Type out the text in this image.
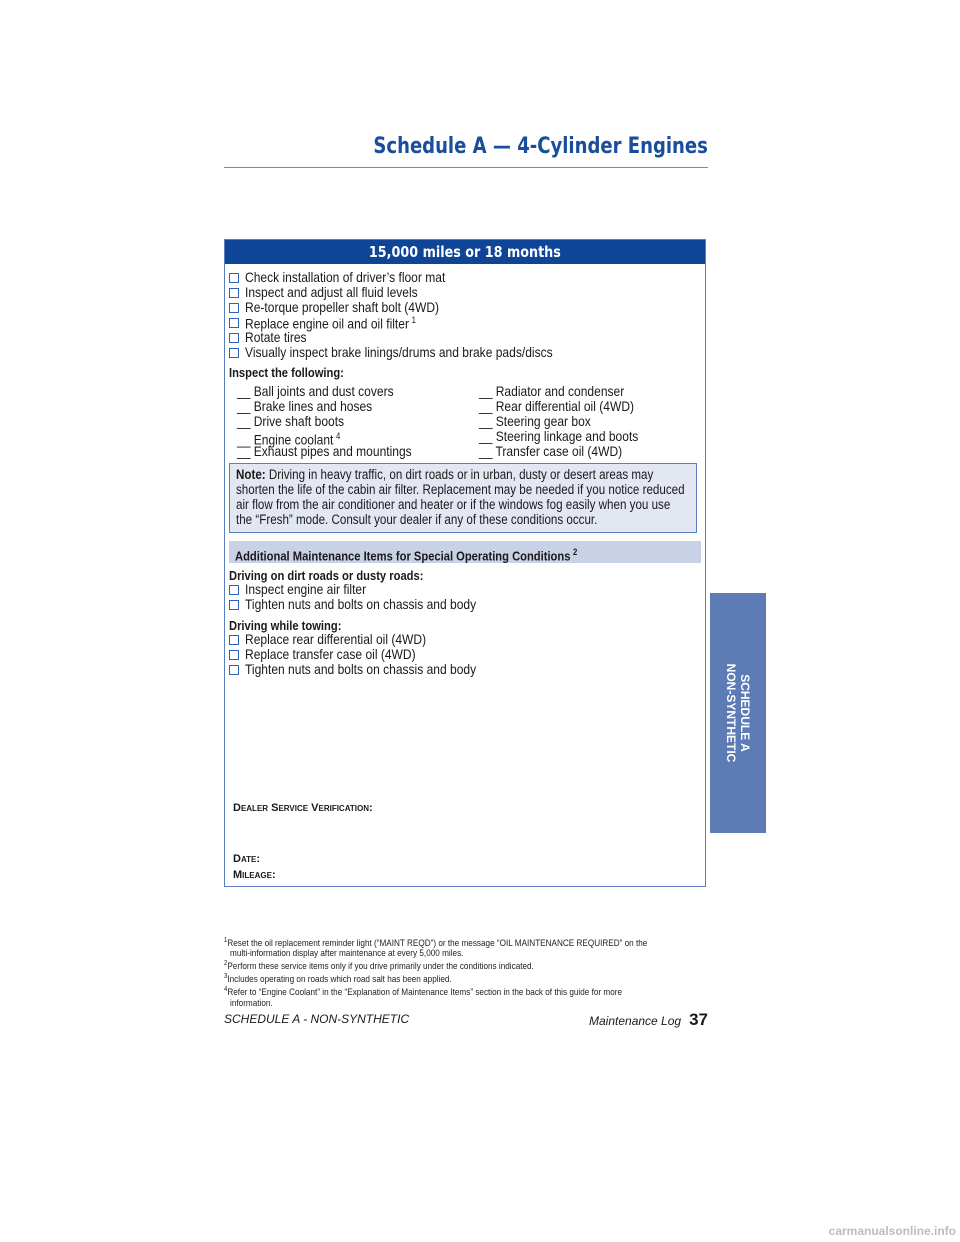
Schedule A — 4-Cylinder Engines
15,000 miles or 18 months
Check installation of driver’s floor mat
Inspect and adjust all fluid levels
Re-torque propeller shaft bolt (4WD)
Replace engine oil and oil filter $^1$
Rotate tires
Visually inspect brake linings/drums and brake pads/discs
Inspect the following:
__ Ball joints and dust covers
__ Brake lines and hoses
__ Drive shaft boots
__ Engine coolant $^4$
__ Exhaust pipes and mountings
__ Radiator and condenser
__ Rear differential oil (4WD)
__ Steering gear box
__ Steering linkage and boots
__ Transfer case oil (4WD)

Note: Driving in heavy traffic, on dirt roads or in urban, dusty or desert areas may

shorten the life of the cabin air filter. Replacement may be needed if you notice reduced

air flow from the air conditioner and heater or if the windows fog easily when you use

the “Fresh” mode. Consult your dealer if any of these conditions occur.

Additional Maintenance Items for Special Operating Conditions $^2$
Driving on dirt roads or dusty roads:
Inspect engine air filter
Tighten nuts and bolts on chassis and body
Driving while towing:
Replace rear differential oil (4WD)
Replace transfer case oil (4WD)
Tighten nuts and bolts on chassis and body
Dealer Service Verification:
Date:
Mileage:
SCHEDULE A
NON-SYNTHETIC

$^1$Reset the oil replacement reminder light (“MAINT REQD”) or the message “OIL MAINTENANCE REQUIRED” on the

multi-information display after maintenance at every 5,000 miles.

$^2$Perform these service items only if you drive primarily under the conditions indicated.

$^3$Includes operating on roads which road salt has been applied.

$^4$Refer to “Engine Coolant” in the “Explanation of Maintenance Items” section in the back of this guide for more

information.

SCHEDULE A - NON-SYNTHETIC	Maintenance Log 37
carmanualsonline.info
